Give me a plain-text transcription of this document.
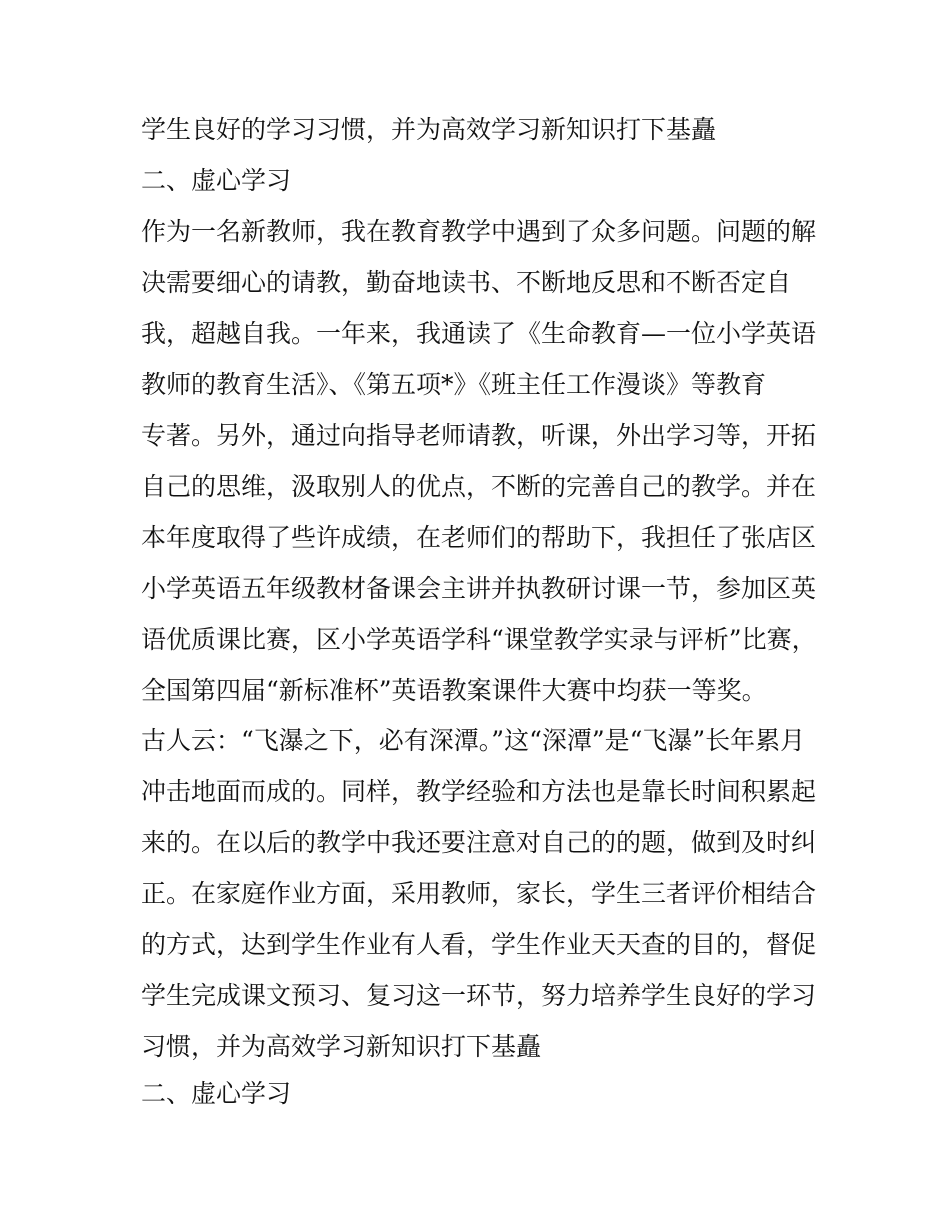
学生良好的学习习惯，并为高效学习新知识打下基矗
二、虚心学习
作为一名新教师，我在教育教学中遇到了众多问题。问题的解
决需要细心的请教，勤奋地读书、不断地反思和不断否定自
我，超越自我。一年来，我通读了《生命教育—一位小学英语
教师的教育生活》、《第五项*》《班主任工作漫谈》等教育
专著。另外，通过向指导老师请教，听课，外出学习等，开拓
自己的思维，汲取别人的优点，不断的完善自己的教学。并在
本年度取得了些许成绩，在老师们的帮助下，我担任了张店区
小学英语五年级教材备课会主讲并执教研讨课一节，参加区英
语优质课比赛，区小学英语学科“课堂教学实录与评析”比赛，
全国第四届“新标准杯”英语教案课件大赛中均获一等奖。
古人云：“飞瀑之下，必有深潭。”这“深潭”是“飞瀑”长年累月
冲击地面而成的。同样，教学经验和方法也是靠长时间积累起
来的。在以后的教学中我还要注意对自己的的题，做到及时纠
正。在家庭作业方面，采用教师，家长，学生三者评价相结合
的方式，达到学生作业有人看，学生作业天天查的目的，督促
学生完成课文预习、复习这一环节，努力培养学生良好的学习
习惯，并为高效学习新知识打下基矗
二、虚心学习
